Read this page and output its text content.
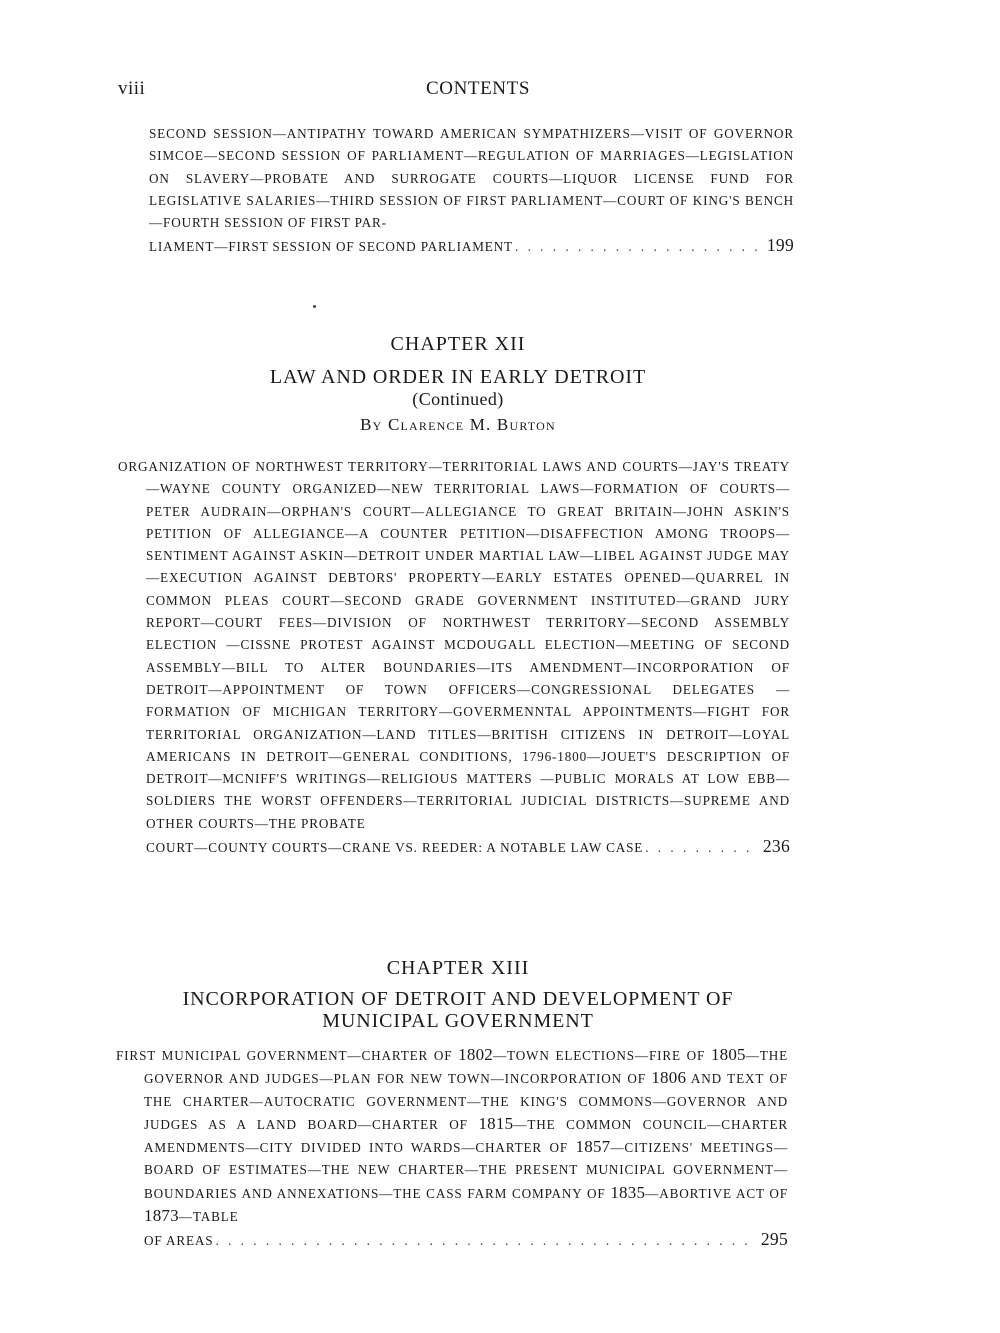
viii	CONTENTS
SECOND SESSION—ANTIPATHY TOWARD AMERICAN SYMPATHIZERS—VISIT OF GOVERNOR SIMCOE—SECOND SESSION OF PARLIAMENT—REGULATION OF MARRIAGES—LEGISLATION ON SLAVERY—PROBATE AND SURROGATE COURTS—LIQUOR LICENSE FUND FOR LEGISLATIVE SALARIES—THIRD SESSION OF FIRST PARLIAMENT—COURT OF KING'S BENCH—FOURTH SESSION OF FIRST PAR-
LIAMENT—FIRST SESSION OF SECOND PARLIAMENT . . .	199
CHAPTER XII
LAW AND ORDER IN EARLY DETROIT
(Continued)
By Clarence M. Burton
ORGANIZATION OF NORTHWEST TERRITORY—TERRITORIAL LAWS AND COURTS—JAY'S TREATY—WAYNE COUNTY ORGANIZED—NEW TERRITORIAL LAWS—FORMATION OF COURTS—PETER AUDRAIN—ORPHAN'S COURT—ALLEGIANCE TO GREAT BRITAIN—JOHN ASKIN'S PETITION OF ALLEGIANCE—A COUNTER PETITION—DISAFFECTION AMONG TROOPS—SENTIMENT AGAINST ASKIN—DETROIT UNDER MARTIAL LAW—LIBEL AGAINST JUDGE MAY—EXECUTION AGAINST DEBTORS' PROPERTY—EARLY ESTATES OPENED—QUARREL IN COMMON PLEAS COURT—SECOND GRADE GOVERNMENT INSTITUTED—GRAND JURY REPORT—COURT FEES—DIVISION OF NORTHWEST TERRITORY—SECOND ASSEMBLY ELECTION —CISSNE PROTEST AGAINST MCDOUGALL ELECTION—MEETING OF SECOND ASSEMBLY—BILL TO ALTER BOUNDARIES—ITS AMENDMENT—INCORPORATION OF DETROIT—APPOINTMENT OF TOWN OFFICERS—CONGRESSIONAL DELEGATES —FORMATION OF MICHIGAN TERRITORY—GOVERMENNTAL APPOINTMENTS—FIGHT FOR TERRITORIAL ORGANIZATION—LAND TITLES—BRITISH CITIZENS IN DETROIT—LOYAL AMERICANS IN DETROIT—GENERAL CONDITIONS, 1796-1800—JOUET'S DESCRIPTION OF DETROIT—MCNIFF'S WRITINGS—RELIGIOUS MATTERS —PUBLIC MORALS AT LOW EBB—SOLDIERS THE WORST OFFENDERS—TERRITORIAL JUDICIAL DISTRICTS—SUPREME AND OTHER COURTS—THE PROBATE
COURT—COUNTY COURTS—CRANE VS. REEDER: A NOTABLE LAW CASE . . .	236
CHAPTER XIII
INCORPORATION OF DETROIT AND DEVELOPMENT OF
MUNICIPAL GOVERNMENT
FIRST MUNICIPAL GOVERNMENT—CHARTER OF 1802—TOWN ELECTIONS—FIRE OF 1805—THE GOVERNOR AND JUDGES—PLAN FOR NEW TOWN—INCORPORATION OF 1806 AND TEXT OF THE CHARTER—AUTOCRATIC GOVERNMENT—THE KING'S COMMONS—GOVERNOR AND JUDGES AS A LAND BOARD—CHARTER OF 1815—THE COMMON COUNCIL—CHARTER AMENDMENTS—CITY DIVIDED INTO WARDS—CHARTER OF 1857—CITIZENS' MEETINGS—BOARD OF ESTIMATES—THE NEW CHARTER—THE PRESENT MUNICIPAL GOVERNMENT—BOUNDARIES AND ANNEXATIONS—THE CASS FARM COMPANY OF 1835—ABORTIVE ACT OF 1873—TABLE
OF AREAS . . .	295
